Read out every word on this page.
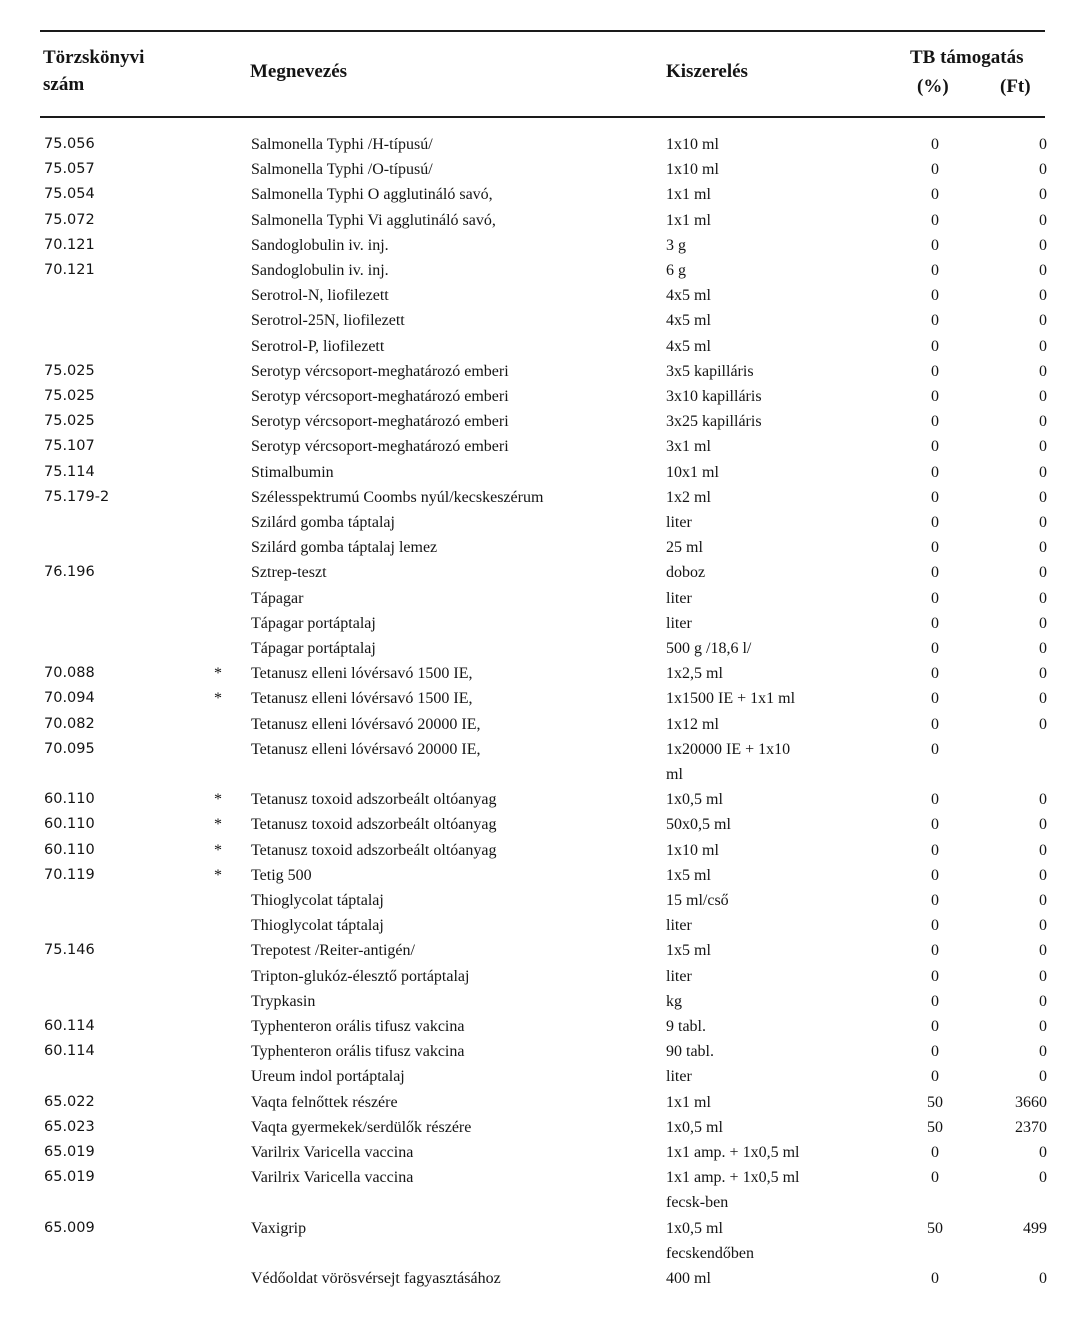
Törzskönyvi
szám
Megnevezés	Kiszerelés
TB támogatás
(%)	(Ft)
75.056	Salmonella Typhi /H-típusú/	1x10 ml	0	0
75.057	Salmonella Typhi /O-típusú/	1x10 ml	0	0
75.054	Salmonella Typhi O agglutináló savó,	1x1 ml	0	0
75.072	Salmonella Typhi Vi agglutináló savó,	1x1 ml	0	0
70.121	Sandoglobulin iv. inj.	3 g	0	0
70.121	Sandoglobulin iv. inj.	6 g	0	0
Serotrol-N, liofilezett	4x5 ml	0	0
Serotrol-25N, liofilezett	4x5 ml	0	0
Serotrol-P, liofilezett	4x5 ml	0	0
75.025	Serotyp vércsoport-meghatározó emberi	3x5 kapilláris	0	0
75.025	Serotyp vércsoport-meghatározó emberi	3x10 kapilláris	0	0
75.025	Serotyp vércsoport-meghatározó emberi	3x25 kapilláris	0	0
75.107	Serotyp vércsoport-meghatározó emberi	3x1 ml	0	0
75.114	Stimalbumin	10x1 ml	0	0
75.179-2	Szélesspektrumú Coombs nyúl/kecskeszérum	1x2 ml	0	0
Szilárd gomba táptalaj	liter	0	0
Szilárd gomba táptalaj lemez	25 ml	0	0
76.196	Sztrep-teszt	doboz	0	0
Tápagar	liter	0	0
Tápagar portáptalaj	liter	0	0
Tápagar portáptalaj	500 g /18,6 l/	0	0
70.088	* Tetanusz elleni lóvérsavó 1500 IE,	1x2,5 ml	0	0
70.094	* Tetanusz elleni lóvérsavó 1500 IE,	1x1500 IE + 1x1 ml	0	0
70.082	Tetanusz elleni lóvérsavó 20000 IE,	1x12 ml	0	0
70.095	Tetanusz elleni lóvérsavó 20000 IE,	1x20000 IE + 1x10	0
ml
60.110	* Tetanusz toxoid adszorbeált oltóanyag	1x0,5 ml	0	0
60.110	* Tetanusz toxoid adszorbeált oltóanyag	50x0,5 ml	0	0
60.110	* Tetanusz toxoid adszorbeált oltóanyag	1x10 ml	0	0
70.119	* Tetig 500	1x5 ml	0	0
Thioglycolat táptalaj	15 ml/cső	0	0
Thioglycolat táptalaj	liter	0	0
75.146	Trepotest /Reiter-antigén/	1x5 ml	0	0
Tripton-glukóz-élesztő portáptalaj	liter	0	0
Trypkasin	kg	0	0
60.114	Typhenteron orális tifusz vakcina	9 tabl.	0	0
60.114	Typhenteron orális tifusz vakcina	90 tabl.	0	0
Ureum indol portáptalaj	liter	0	0
65.022	Vaqta felnőttek részére	1x1 ml	50	3660
65.023	Vaqta gyermekek/serdülők részére	1x0,5 ml	50	2370
65.019	Varilrix Varicella vaccina	1x1 amp. + 1x0,5 ml	0	0
65.019	Varilrix Varicella vaccina	1x1 amp. + 1x0,5 ml	0	0
fecsk-ben
65.009	Vaxigrip	1x0,5 ml	50	499
fecskendőben
Védőoldat vörösvérsejt fagyasztásához	400 ml	0	0
